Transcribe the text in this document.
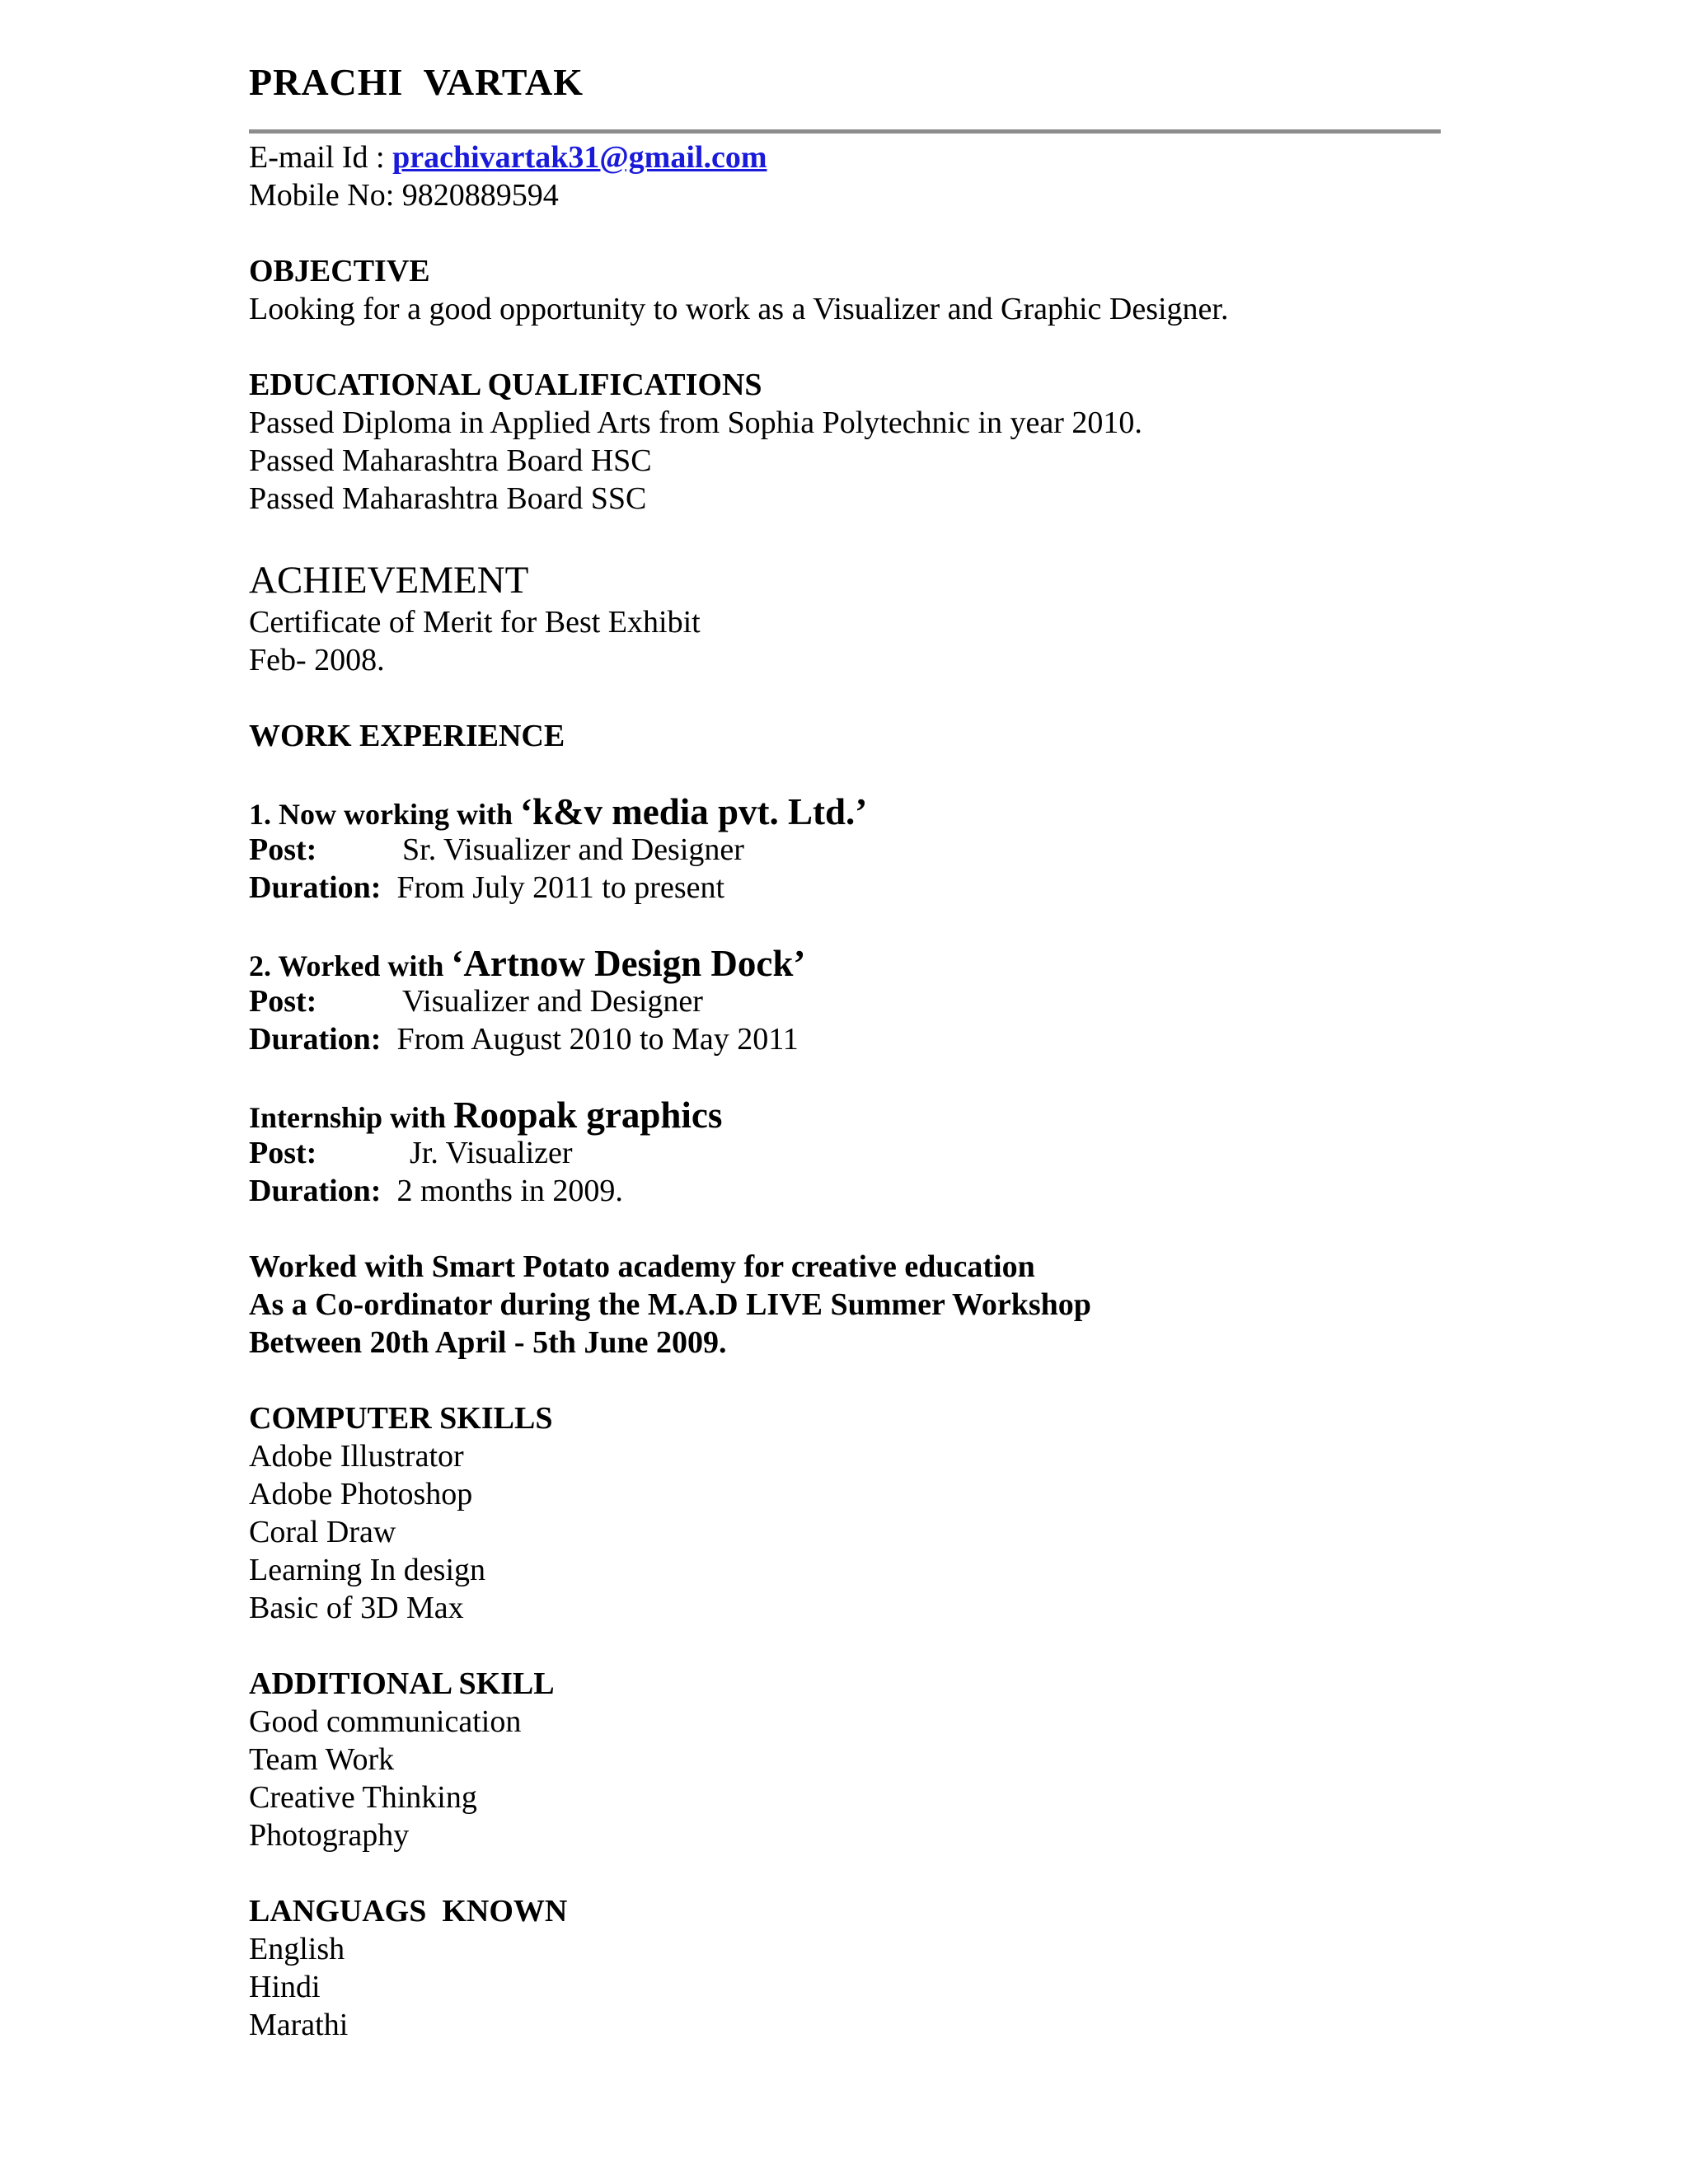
PRACHI  VARTAK
E-mail Id : prachivartak31@gmail.com
Mobile No: 9820889594
OBJECTIVE
Looking for a good opportunity to work as a Visualizer and Graphic Designer.
EDUCATIONAL QUALIFICATIONS
Passed Diploma in Applied Arts from Sophia Polytechnic in year 2010.
Passed Maharashtra Board HSC
Passed Maharashtra Board SSC
ACHIEVEMENT
Certificate of Merit for Best Exhibit
Feb- 2008.
WORK EXPERIENCE
1. Now working with ‘k&v media pvt. Ltd.’
Post:	Sr. Visualizer and Designer
Duration: From July 2011 to present
2. Worked with ‘Artnow Design Dock’
Post:	Visualizer and Designer
Duration: From August 2010 to May 2011
Internship with Roopak graphics
Post:	Jr. Visualizer
Duration: 2 months in 2009.
Worked with Smart Potato academy for creative education
As a Co-ordinator during the M.A.D LIVE Summer Workshop
Between 20th April - 5th June 2009.
COMPUTER SKILLS
Adobe Illustrator
Adobe Photoshop
Coral Draw
Learning In design
Basic of 3D Max
ADDITIONAL SKILL
Good communication
Team Work
Creative Thinking
Photography
LANGUAGS  KNOWN
English
Hindi
Marathi
